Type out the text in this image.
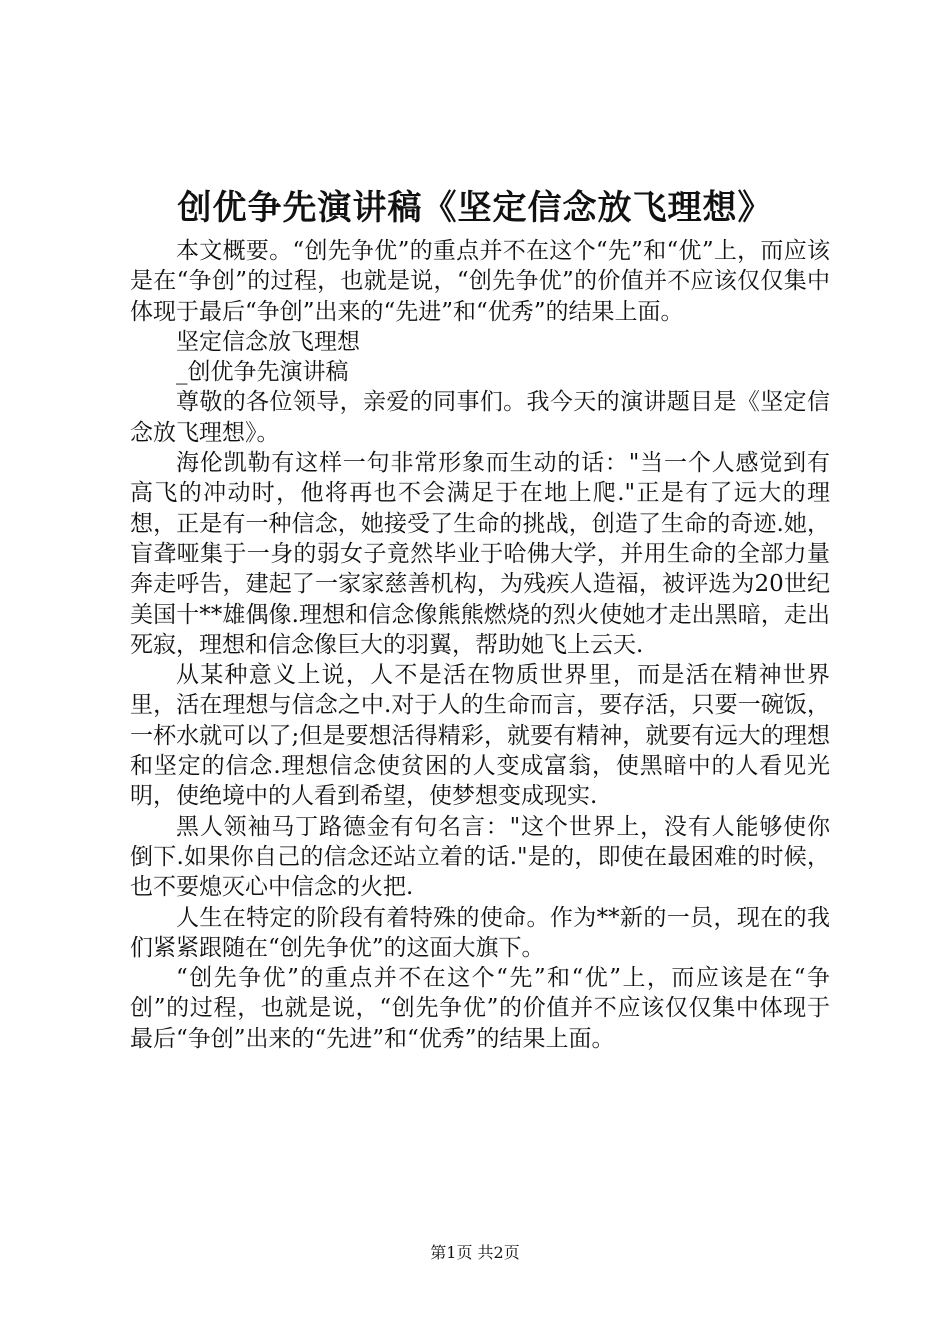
创优争先演讲稿《坚定信念放飞理想》

本文概要。“创先争优”的重点并不在这个“先”和“优”上，而应该是在“争创”的过程，也就是说，“创先争优”的价值并不应该仅仅集中体现于最后“争创”出来的“先进”和“优秀”的结果上面。

坚定信念放飞理想

_创优争先演讲稿

尊敬的各位领导，亲爱的同事们。我今天的演讲题目是《坚定信念放飞理想》。

海伦凯勒有这样一句非常形象而生动的话："当一个人感觉到有高飞的冲动时，他将再也不会满足于在地上爬."正是有了远大的理想，正是有一种信念，她接受了生命的挑战，创造了生命的奇迹.她，盲聋哑集于一身的弱女子竟然毕业于哈佛大学，并用生命的全部力量奔走呼告，建起了一家家慈善机构，为残疾人造福，被评选为20世纪美国十**雄偶像.理想和信念像熊熊燃烧的烈火使她才走出黑暗，走出死寂，理想和信念像巨大的羽翼，帮助她飞上云天.

从某种意义上说，人不是活在物质世界里，而是活在精神世界里，活在理想与信念之中.对于人的生命而言，要存活，只要一碗饭，一杯水就可以了;但是要想活得精彩，就要有精神，就要有远大的理想和坚定的信念.理想信念使贫困的人变成富翁，使黑暗中的人看见光明，使绝境中的人看到希望，使梦想变成现实.

黑人领袖马丁路德金有句名言："这个世界上，没有人能够使你倒下.如果你自己的信念还站立着的话."是的，即使在最困难的时候，也不要熄灭心中信念的火把.

人生在特定的阶段有着特殊的使命。作为**新的一员，现在的我们紧紧跟随在“创先争优”的这面大旗下。

“创先争优”的重点并不在这个“先”和“优”上，而应该是在“争创”的过程，也就是说，“创先争优”的价值并不应该仅仅集中体现于最后“争创”出来的“先进”和“优秀”的结果上面。

第1页 共2页
